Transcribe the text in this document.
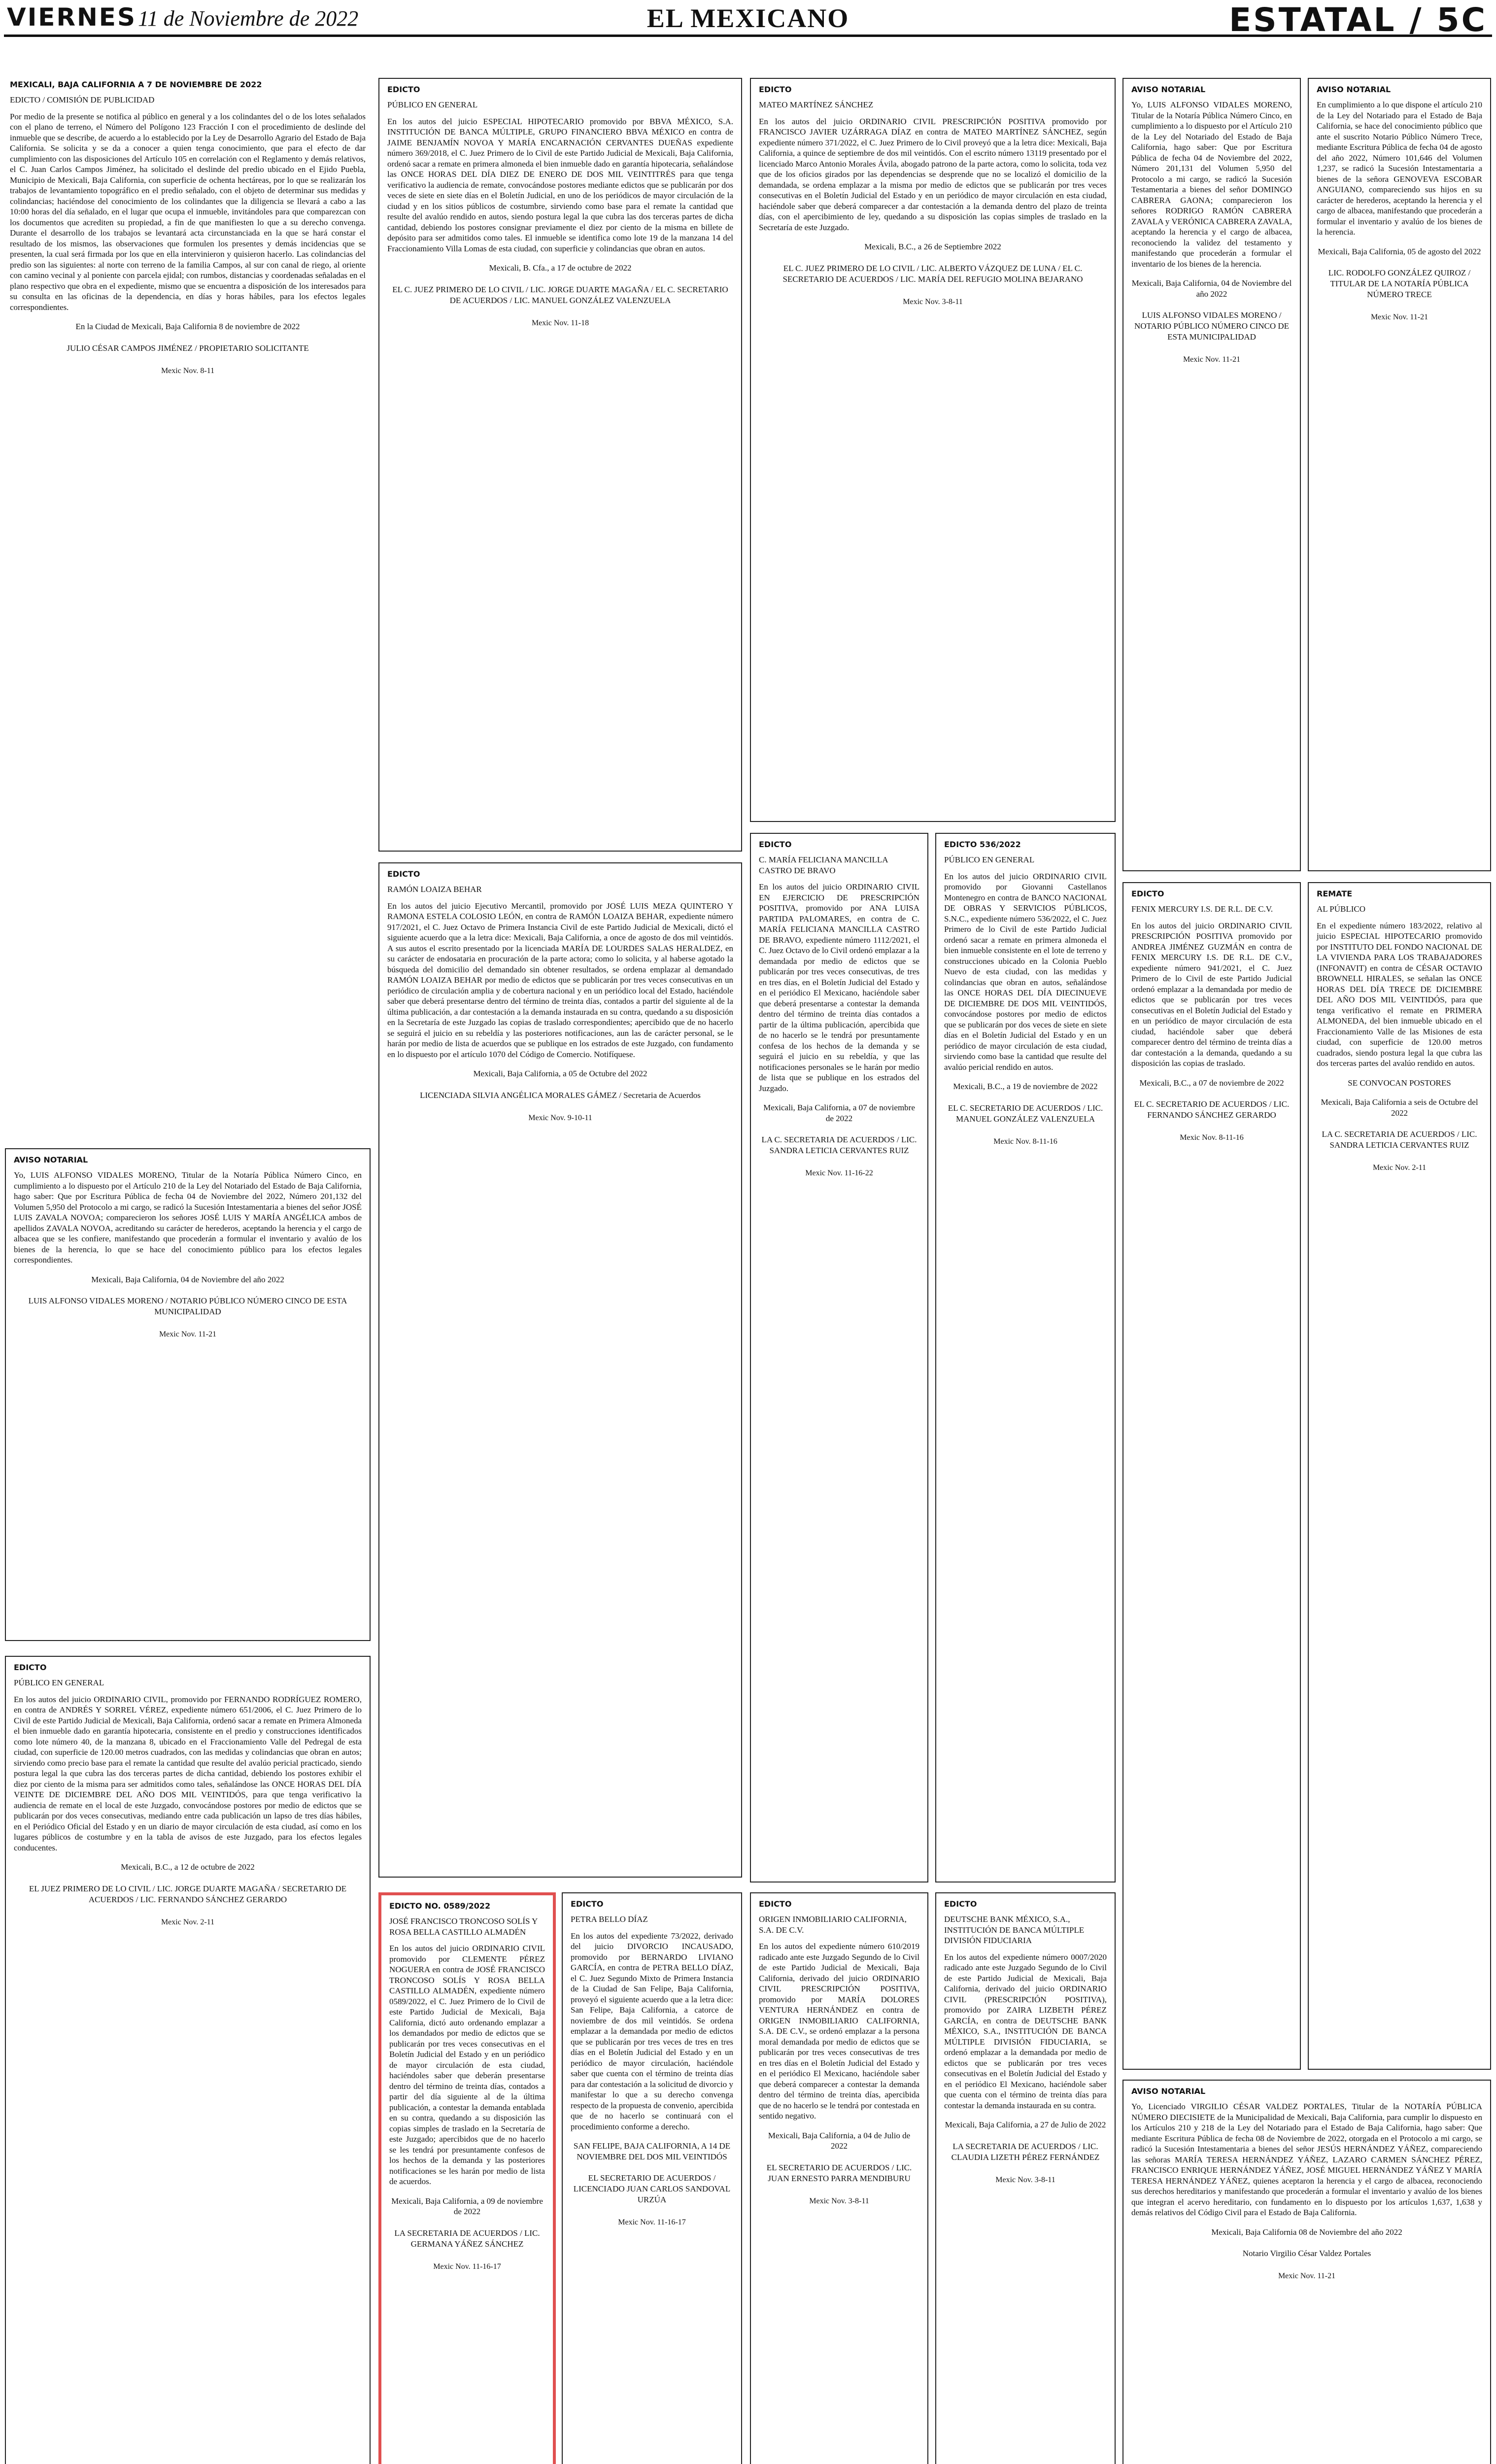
VIERNES 11 de Noviembre de 2022	EL MEXICANO	ESTATAL / 5C
MEXICALI, BAJA CALIFORNIA A 7 DE NOVIEMBRE DE 2022
EDICTO / COMISIÓN DE PUBLICIDAD
Por medio de la presente se notifica al público en general y a los colindantes del o de los lotes señalados con el plano de terreno, el Número del Polígono 123 Fracción I con el procedimiento de deslinde del inmueble que se describe, de acuerdo a lo establecido por la Ley de Desarrollo Agrario del Estado de Baja California. Se solicita y se da a conocer a quien tenga conocimiento, que para el efecto de dar cumplimiento con las disposiciones del Artículo 105 en correlación con el Reglamento y demás relativos, el C. Juan Carlos Campos Jiménez, ha solicitado el deslinde del predio ubicado en el Ejido Puebla, Municipio de Mexicali, Baja California, con superficie de ochenta hectáreas, por lo que se realizarán los trabajos de levantamiento topográfico en el predio señalado, con el objeto de determinar sus medidas y colindancias; haciéndose del conocimiento de los colindantes que la diligencia se llevará a cabo a las 10:00 horas del día señalado, en el lugar que ocupa el inmueble, invitándoles para que comparezcan con los documentos que acrediten su propiedad, a fin de que manifiesten lo que a su derecho convenga. Durante el desarrollo de los trabajos se levantará acta circunstanciada en la que se hará constar el resultado de los mismos, las observaciones que formulen los presentes y demás incidencias que se presenten, la cual será firmada por los que en ella intervinieron y quisieron hacerlo. Las colindancias del predio son las siguientes: al norte con terreno de la familia Campos, al sur con canal de riego, al oriente con camino vecinal y al poniente con parcela ejidal; con rumbos, distancias y coordenadas señaladas en el plano respectivo que obra en el expediente, mismo que se encuentra a disposición de los interesados para su consulta en las oficinas de la dependencia, en días y horas hábiles, para los efectos legales correspondientes.
En la Ciudad de Mexicali, Baja California 8 de noviembre de 2022
JULIO CÉSAR CAMPOS JIMÉNEZ / PROPIETARIO SOLICITANTE
Mexic Nov. 8-11
AVISO NOTARIAL
Yo, LUIS ALFONSO VIDALES MORENO, Titular de la Notaría Pública Número Cinco, en cumplimiento a lo dispuesto por el Artículo 210 de la Ley del Notariado del Estado de Baja California, hago saber: Que por Escritura Pública de fecha 04 de Noviembre del 2022, Número 201,132 del Volumen 5,950 del Protocolo a mi cargo, se radicó la Sucesión Intestamentaria a bienes del señor JOSÉ LUIS ZAVALA NOVOA; comparecieron los señores JOSÉ LUIS Y MARÍA ANGÉLICA ambos de apellidos ZAVALA NOVOA, acreditando su carácter de herederos, aceptando la herencia y el cargo de albacea que se les confiere, manifestando que procederán a formular el inventario y avalúo de los bienes de la herencia, lo que se hace del conocimiento público para los efectos legales correspondientes.
Mexicali, Baja California, 04 de Noviembre del año 2022
LUIS ALFONSO VIDALES MORENO / NOTARIO PÚBLICO NÚMERO CINCO DE ESTA MUNICIPALIDAD
Mexic Nov. 11-21
EDICTO
PÚBLICO EN GENERAL
En los autos del juicio ORDINARIO CIVIL, promovido por FERNANDO RODRÍGUEZ ROMERO, en contra de ANDRÉS Y SORREL VÉREZ, expediente número 651/2006, el C. Juez Primero de lo Civil de este Partido Judicial de Mexicali, Baja California, ordenó sacar a remate en Primera Almoneda el bien inmueble dado en garantía hipotecaria, consistente en el predio y construcciones identificados como lote número 40, de la manzana 8, ubicado en el Fraccionamiento Valle del Pedregal de esta ciudad, con superficie de 120.00 metros cuadrados, con las medidas y colindancias que obran en autos; sirviendo como precio base para el remate la cantidad que resulte del avalúo pericial practicado, siendo postura legal la que cubra las dos terceras partes de dicha cantidad, debiendo los postores exhibir el diez por ciento de la misma para ser admitidos como tales, señalándose las ONCE HORAS DEL DÍA VEINTE DE DICIEMBRE DEL AÑO DOS MIL VEINTIDÓS, para que tenga verificativo la audiencia de remate en el local de este Juzgado, convocándose postores por medio de edictos que se publicarán por dos veces consecutivas, mediando entre cada publicación un lapso de tres días hábiles, en el Periódico Oficial del Estado y en un diario de mayor circulación de esta ciudad, así como en los lugares públicos de costumbre y en la tabla de avisos de este Juzgado, para los efectos legales conducentes.
Mexicali, B.C., a 12 de octubre de 2022
EL JUEZ PRIMERO DE LO CIVIL / LIC. JORGE DUARTE MAGAÑA / SECRETARIO DE ACUERDOS / LIC. FERNANDO SÁNCHEZ GERARDO
Mexic Nov. 2-11
EDICTO
PÚBLICO EN GENERAL
En los autos del juicio ESPECIAL HIPOTECARIO promovido por BBVA MÉXICO, S.A. INSTITUCIÓN DE BANCA MÚLTIPLE, GRUPO FINANCIERO BBVA MÉXICO en contra de JAIME BENJAMÍN NOVOA Y MARÍA ENCARNACIÓN CERVANTES DUEÑAS expediente número 369/2018, el C. Juez Primero de lo Civil de este Partido Judicial de Mexicali, Baja California, ordenó sacar a remate en primera almoneda el bien inmueble dado en garantía hipotecaria, señalándose las ONCE HORAS DEL DÍA DIEZ DE ENERO DE DOS MIL VEINTITRÉS para que tenga verificativo la audiencia de remate, convocándose postores mediante edictos que se publicarán por dos veces de siete en siete días en el Boletín Judicial, en uno de los periódicos de mayor circulación de la ciudad y en los sitios públicos de costumbre, sirviendo como base para el remate la cantidad que resulte del avalúo rendido en autos, siendo postura legal la que cubra las dos terceras partes de dicha cantidad, debiendo los postores consignar previamente el diez por ciento de la misma en billete de depósito para ser admitidos como tales. El inmueble se identifica como lote 19 de la manzana 14 del Fraccionamiento Villa Lomas de esta ciudad, con superficie y colindancias que obran en autos.
Mexicali, B. Cfa., a 17 de octubre de 2022
EL C. JUEZ PRIMERO DE LO CIVIL / LIC. JORGE DUARTE MAGAÑA / EL C. SECRETARIO DE ACUERDOS / LIC. MANUEL GONZÁLEZ VALENZUELA
Mexic Nov. 11-18
EDICTO
RAMÓN LOAIZA BEHAR
En los autos del juicio Ejecutivo Mercantil, promovido por JOSÉ LUIS MEZA QUINTERO Y RAMONA ESTELA COLOSIO LEÓN, en contra de RAMÓN LOAIZA BEHAR, expediente número 917/2021, el C. Juez Octavo de Primera Instancia Civil de este Partido Judicial de Mexicali, dictó el siguiente acuerdo que a la letra dice: Mexicali, Baja California, a once de agosto de dos mil veintidós. A sus autos el escrito presentado por la licenciada MARÍA DE LOURDES SALAS HERALDEZ, en su carácter de endosataria en procuración de la parte actora; como lo solicita, y al haberse agotado la búsqueda del domicilio del demandado sin obtener resultados, se ordena emplazar al demandado RAMÓN LOAIZA BEHAR por medio de edictos que se publicarán por tres veces consecutivas en un periódico de circulación amplia y de cobertura nacional y en un periódico local del Estado, haciéndole saber que deberá presentarse dentro del término de treinta días, contados a partir del siguiente al de la última publicación, a dar contestación a la demanda instaurada en su contra, quedando a su disposición en la Secretaría de este Juzgado las copias de traslado correspondientes; apercibido que de no hacerlo se seguirá el juicio en su rebeldía y las posteriores notificaciones, aun las de carácter personal, se le harán por medio de lista de acuerdos que se publique en los estrados de este Juzgado, con fundamento en lo dispuesto por el artículo 1070 del Código de Comercio. Notifíquese.
Mexicali, Baja California, a 05 de Octubre del 2022
LICENCIADA SILVIA ANGÉLICA MORALES GÁMEZ / Secretaria de Acuerdos
Mexic Nov. 9-10-11
EDICTO NO. 0589/2022
JOSÉ FRANCISCO TRONCOSO SOLÍS Y ROSA BELLA CASTILLO ALMADÉN
En los autos del juicio ORDINARIO CIVIL promovido por CLEMENTE PÉREZ NOGUERA en contra de JOSÉ FRANCISCO TRONCOSO SOLÍS Y ROSA BELLA CASTILLO ALMADÉN, expediente número 0589/2022, el C. Juez Primero de lo Civil de este Partido Judicial de Mexicali, Baja California, dictó auto ordenando emplazar a los demandados por medio de edictos que se publicarán por tres veces consecutivas en el Boletín Judicial del Estado y en un periódico de mayor circulación de esta ciudad, haciéndoles saber que deberán presentarse dentro del término de treinta días, contados a partir del día siguiente al de la última publicación, a contestar la demanda entablada en su contra, quedando a su disposición las copias simples de traslado en la Secretaría de este Juzgado; apercibidos que de no hacerlo se les tendrá por presuntamente confesos de los hechos de la demanda y las posteriores notificaciones se les harán por medio de lista de acuerdos.
Mexicali, Baja California, a 09 de noviembre de 2022
LA SECRETARIA DE ACUERDOS / LIC. GERMANA YÁÑEZ SÁNCHEZ
Mexic Nov. 11-16-17
EDICTO
PETRA BELLO DÍAZ
En los autos del expediente 73/2022, derivado del juicio DIVORCIO INCAUSADO, promovido por BERNARDO LIVIANO GARCÍA, en contra de PETRA BELLO DÍAZ, el C. Juez Segundo Mixto de Primera Instancia de la Ciudad de San Felipe, Baja California, proveyó el siguiente acuerdo que a la letra dice: San Felipe, Baja California, a catorce de noviembre de dos mil veintidós. Se ordena emplazar a la demandada por medio de edictos que se publicarán por tres veces de tres en tres días en el Boletín Judicial del Estado y en un periódico de mayor circulación, haciéndole saber que cuenta con el término de treinta días para dar contestación a la solicitud de divorcio y manifestar lo que a su derecho convenga respecto de la propuesta de convenio, apercibida que de no hacerlo se continuará con el procedimiento conforme a derecho.
SAN FELIPE, BAJA CALIFORNIA, A 14 DE NOVIEMBRE DEL DOS MIL VEINTIDÓS
EL SECRETARIO DE ACUERDOS / LICENCIADO JUAN CARLOS SANDOVAL URZÚA
Mexic Nov. 11-16-17
EDICTO
MATEO MARTÍNEZ SÁNCHEZ
En los autos del juicio ORDINARIO CIVIL PRESCRIPCIÓN POSITIVA promovido por FRANCISCO JAVIER UZÁRRAGA DÍAZ en contra de MATEO MARTÍNEZ SÁNCHEZ, según expediente número 371/2022, el C. Juez Primero de lo Civil proveyó que a la letra dice: Mexicali, Baja California, a quince de septiembre de dos mil veintidós. Con el escrito número 13119 presentado por el licenciado Marco Antonio Morales Ávila, abogado patrono de la parte actora, como lo solicita, toda vez que de los oficios girados por las dependencias se desprende que no se localizó el domicilio de la demandada, se ordena emplazar a la misma por medio de edictos que se publicarán por tres veces consecutivas en el Boletín Judicial del Estado y en un periódico de mayor circulación en esta ciudad, haciéndole saber que deberá comparecer a dar contestación a la demanda dentro del plazo de treinta días, con el apercibimiento de ley, quedando a su disposición las copias simples de traslado en la Secretaría de este Juzgado.
Mexicali, B.C., a 26 de Septiembre 2022
EL C. JUEZ PRIMERO DE LO CIVIL / LIC. ALBERTO VÁZQUEZ DE LUNA / EL C. SECRETARIO DE ACUERDOS / LIC. MARÍA DEL REFUGIO MOLINA BEJARANO
Mexic Nov. 3-8-11
EDICTO
C. MARÍA FELICIANA MANCILLA CASTRO DE BRAVO
En los autos del juicio ORDINARIO CIVIL EN EJERCICIO DE PRESCRIPCIÓN POSITIVA, promovido por ANA LUISA PARTIDA PALOMARES, en contra de C. MARÍA FELICIANA MANCILLA CASTRO DE BRAVO, expediente número 1112/2021, el C. Juez Octavo de lo Civil ordenó emplazar a la demandada por medio de edictos que se publicarán por tres veces consecutivas, de tres en tres días, en el Boletín Judicial del Estado y en el periódico El Mexicano, haciéndole saber que deberá presentarse a contestar la demanda dentro del término de treinta días contados a partir de la última publicación, apercibida que de no hacerlo se le tendrá por presuntamente confesa de los hechos de la demanda y se seguirá el juicio en su rebeldía, y que las notificaciones personales se le harán por medio de lista que se publique en los estrados del Juzgado.
Mexicali, Baja California, a 07 de noviembre de 2022
LA C. SECRETARIA DE ACUERDOS / LIC. SANDRA LETICIA CERVANTES RUIZ
Mexic Nov. 11-16-22
EDICTO 536/2022
PÚBLICO EN GENERAL
En los autos del juicio ORDINARIO CIVIL promovido por Giovanni Castellanos Montenegro en contra de BANCO NACIONAL DE OBRAS Y SERVICIOS PÚBLICOS, S.N.C., expediente número 536/2022, el C. Juez Primero de lo Civil de este Partido Judicial ordenó sacar a remate en primera almoneda el bien inmueble consistente en el lote de terreno y construcciones ubicado en la Colonia Pueblo Nuevo de esta ciudad, con las medidas y colindancias que obran en autos, señalándose las ONCE HORAS DEL DÍA DIECINUEVE DE DICIEMBRE DE DOS MIL VEINTIDÓS, convocándose postores por medio de edictos que se publicarán por dos veces de siete en siete días en el Boletín Judicial del Estado y en un periódico de mayor circulación de esta ciudad, sirviendo como base la cantidad que resulte del avalúo pericial rendido en autos.
Mexicali, B.C., a 19 de noviembre de 2022
EL C. SECRETARIO DE ACUERDOS / LIC. MANUEL GONZÁLEZ VALENZUELA
Mexic Nov. 8-11-16
EDICTO
ORIGEN INMOBILIARIO CALIFORNIA, S.A. DE C.V.
En los autos del expediente número 610/2019 radicado ante este Juzgado Segundo de lo Civil de este Partido Judicial de Mexicali, Baja California, derivado del juicio ORDINARIO CIVIL PRESCRIPCIÓN POSITIVA, promovido por MARÍA DOLORES VENTURA HERNÁNDEZ en contra de ORIGEN INMOBILIARIO CALIFORNIA, S.A. DE C.V., se ordenó emplazar a la persona moral demandada por medio de edictos que se publicarán por tres veces consecutivas de tres en tres días en el Boletín Judicial del Estado y en el periódico El Mexicano, haciéndole saber que deberá comparecer a contestar la demanda dentro del término de treinta días, apercibida que de no hacerlo se le tendrá por contestada en sentido negativo.
Mexicali, Baja California, a 04 de Julio de 2022
EL SECRETARIO DE ACUERDOS / LIC. JUAN ERNESTO PARRA MENDIBURU
Mexic Nov. 3-8-11
EDICTO
DEUTSCHE BANK MÉXICO, S.A., INSTITUCIÓN DE BANCA MÚLTIPLE DIVISIÓN FIDUCIARIA
En los autos del expediente número 0007/2020 radicado ante este Juzgado Segundo de lo Civil de este Partido Judicial de Mexicali, Baja California, derivado del juicio ORDINARIO CIVIL (PRESCRIPCIÓN POSITIVA), promovido por ZAIRA LIZBETH PÉREZ GARCÍA, en contra de DEUTSCHE BANK MÉXICO, S.A., INSTITUCIÓN DE BANCA MÚLTIPLE DIVISIÓN FIDUCIARIA, se ordenó emplazar a la demandada por medio de edictos que se publicarán por tres veces consecutivas en el Boletín Judicial del Estado y en el periódico El Mexicano, haciéndole saber que cuenta con el término de treinta días para contestar la demanda instaurada en su contra.
Mexicali, Baja California, a 27 de Julio de 2022
LA SECRETARIA DE ACUERDOS / LIC. CLAUDIA LIZETH PÉREZ FERNÁNDEZ
Mexic Nov. 3-8-11
AVISO NOTARIAL
Yo, LUIS ALFONSO VIDALES MORENO, Titular de la Notaría Pública Número Cinco, en cumplimiento a lo dispuesto por el Artículo 210 de la Ley del Notariado del Estado de Baja California, hago saber: Que por Escritura Pública de fecha 04 de Noviembre del 2022, Número 201,131 del Volumen 5,950 del Protocolo a mi cargo, se radicó la Sucesión Testamentaria a bienes del señor DOMINGO CABRERA GAONA; comparecieron los señores RODRIGO RAMÓN CABRERA ZAVALA y VERÓNICA CABRERA ZAVALA, aceptando la herencia y el cargo de albacea, reconociendo la validez del testamento y manifestando que procederán a formular el inventario de los bienes de la herencia.
Mexicali, Baja California, 04 de Noviembre del año 2022
LUIS ALFONSO VIDALES MORENO / NOTARIO PÚBLICO NÚMERO CINCO DE ESTA MUNICIPALIDAD
Mexic Nov. 11-21
EDICTO
FENIX MERCURY I.S. DE R.L. DE C.V.
En los autos del juicio ORDINARIO CIVIL PRESCRIPCIÓN POSITIVA promovido por ANDREA JIMÉNEZ GUZMÁN en contra de FENIX MERCURY I.S. DE R.L. DE C.V., expediente número 941/2021, el C. Juez Primero de lo Civil de este Partido Judicial ordenó emplazar a la demandada por medio de edictos que se publicarán por tres veces consecutivas en el Boletín Judicial del Estado y en un periódico de mayor circulación de esta ciudad, haciéndole saber que deberá comparecer dentro del término de treinta días a dar contestación a la demanda, quedando a su disposición las copias de traslado.
Mexicali, B.C., a 07 de noviembre de 2022
EL C. SECRETARIO DE ACUERDOS / LIC. FERNANDO SÁNCHEZ GERARDO
Mexic Nov. 8-11-16
AVISO NOTARIAL
En cumplimiento a lo que dispone el artículo 210 de la Ley del Notariado para el Estado de Baja California, se hace del conocimiento público que ante el suscrito Notario Público Número Trece, mediante Escritura Pública de fecha 04 de agosto del año 2022, Número 101,646 del Volumen 1,237, se radicó la Sucesión Intestamentaria a bienes de la señora GENOVEVA ESCOBAR ANGUIANO, compareciendo sus hijos en su carácter de herederos, aceptando la herencia y el cargo de albacea, manifestando que procederán a formular el inventario y avalúo de los bienes de la herencia.
Mexicali, Baja California, 05 de agosto del 2022
LIC. RODOLFO GONZÁLEZ QUIROZ / TITULAR DE LA NOTARÍA PÚBLICA NÚMERO TRECE
Mexic Nov. 11-21
REMATE
AL PÚBLICO
En el expediente número 183/2022, relativo al juicio ESPECIAL HIPOTECARIO promovido por INSTITUTO DEL FONDO NACIONAL DE LA VIVIENDA PARA LOS TRABAJADORES (INFONAVIT) en contra de CÉSAR OCTAVIO BROWNELL HIRALES, se señalan las ONCE HORAS DEL DÍA TRECE DE DICIEMBRE DEL AÑO DOS MIL VEINTIDÓS, para que tenga verificativo el remate en PRIMERA ALMONEDA, del bien inmueble ubicado en el Fraccionamiento Valle de las Misiones de esta ciudad, con superficie de 120.00 metros cuadrados, siendo postura legal la que cubra las dos terceras partes del avalúo rendido en autos.
SE CONVOCAN POSTORES
Mexicali, Baja California a seis de Octubre del 2022
LA C. SECRETARIA DE ACUERDOS / LIC. SANDRA LETICIA CERVANTES RUIZ
Mexic Nov. 2-11
AVISO NOTARIAL
Yo, Licenciado VIRGILIO CÉSAR VALDEZ PORTALES, Titular de la NOTARÍA PÚBLICA NÚMERO DIECISIETE de la Municipalidad de Mexicali, Baja California, para cumplir lo dispuesto en los Artículos 210 y 218 de la Ley del Notariado para el Estado de Baja California, hago saber: Que mediante Escritura Pública de fecha 08 de Noviembre de 2022, otorgada en el Protocolo a mi cargo, se radicó la Sucesión Intestamentaria a bienes del señor JESÚS HERNÁNDEZ YÁÑEZ, compareciendo las señoras MARÍA TERESA HERNÁNDEZ YÁÑEZ, LAZARO CARMEN SÁNCHEZ PÉREZ, FRANCISCO ENRIQUE HERNÁNDEZ YÁÑEZ, JOSÉ MIGUEL HERNÁNDEZ YÁÑEZ Y MARÍA TERESA HERNÁNDEZ YÁÑEZ, quienes aceptaron la herencia y el cargo de albacea, reconociendo sus derechos hereditarios y manifestando que procederán a formular el inventario y avalúo de los bienes que integran el acervo hereditario, con fundamento en lo dispuesto por los artículos 1,637, 1,638 y demás relativos del Código Civil para el Estado de Baja California.
Mexicali, Baja California 08 de Noviembre del año 2022
Notario Virgilio César Valdez Portales
Mexic Nov. 11-21
